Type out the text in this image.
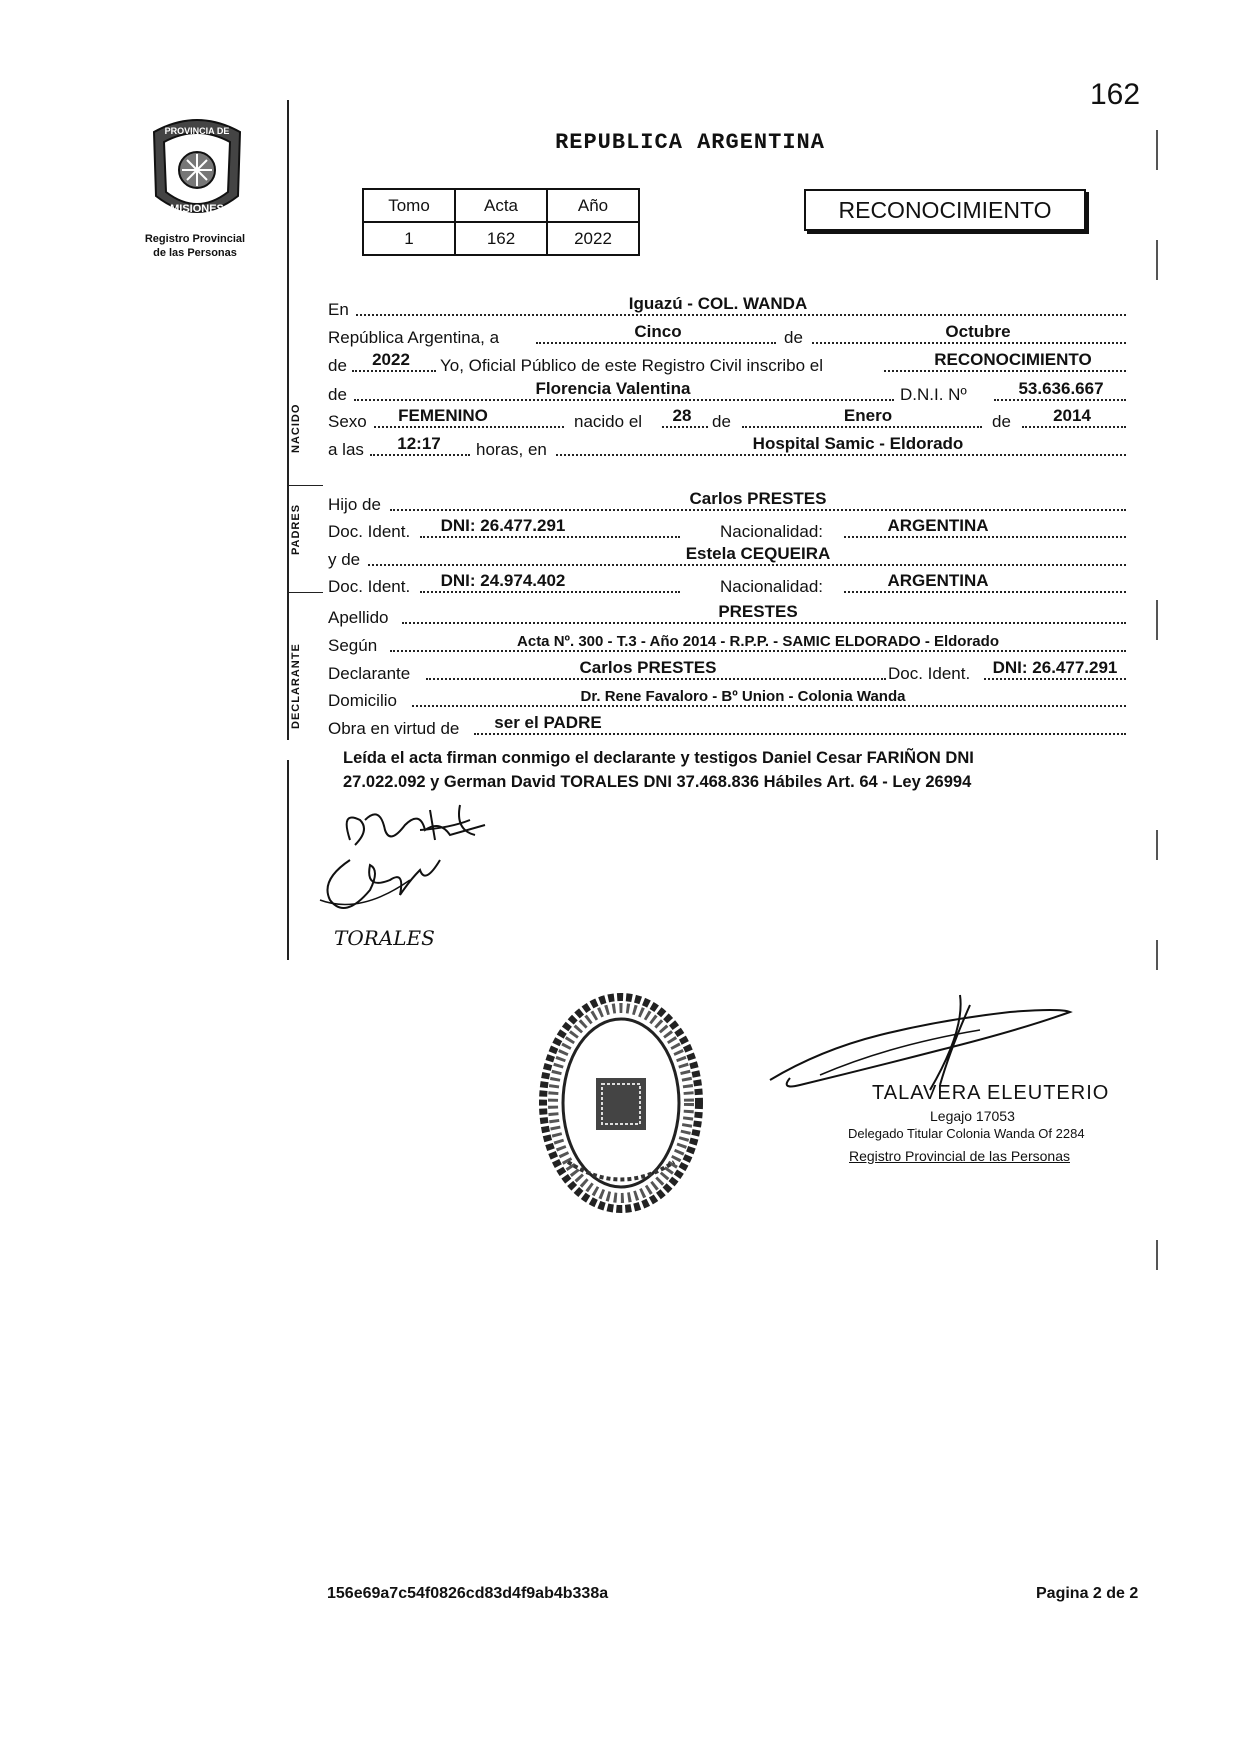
162
PROVINCIA DE
MISIONES
Registro Provincial
de las Personas
REPUBLICA ARGENTINA
Tomo	Acta	Año
1	162	2022
RECONOCIMIENTO
NACIDO
PADRES
DECLARANTE
En	Iguazú - COL. WANDA
República Argentina, a	Cinco	de	Octubre
de	2022	Yo, Oficial Público de este Registro Civil inscribo el	RECONOCIMIENTO
de	Florencia Valentina	D.N.I. Nº	53.636.667
Sexo	FEMENINO	nacido el	28	de	Enero	de	2014
a las	12:17	horas, en	Hospital Samic - Eldorado
Hijo de	Carlos PRESTES
Doc. Ident.	DNI: 26.477.291	Nacionalidad:	ARGENTINA
y de	Estela CEQUEIRA
Doc. Ident.	DNI: 24.974.402	Nacionalidad:	ARGENTINA
Apellido	PRESTES
Según	Acta Nº. 300 - T.3 - Año 2014 - R.P.P. - SAMIC ELDORADO - Eldorado
Declarante	Carlos PRESTES	Doc. Ident.	DNI: 26.477.291
Domicilio	Dr. Rene Favaloro - Bº Union - Colonia Wanda
Obra en virtud de	ser el PADRE
Leída el acta firman conmigo el declarante y testigos Daniel Cesar FARIÑON DNI
27.022.092 y German David TORALES DNI 37.468.836 Hábiles Art. 64 - Ley 26994
TORALES
TALAVERA ELEUTERIO
Legajo 17053
Delegado Titular Colonia Wanda Of 2284
Registro Provincial de las Personas
156e69a7c54f0826cd83d4f9ab4b338a	Pagina 2 de 2
